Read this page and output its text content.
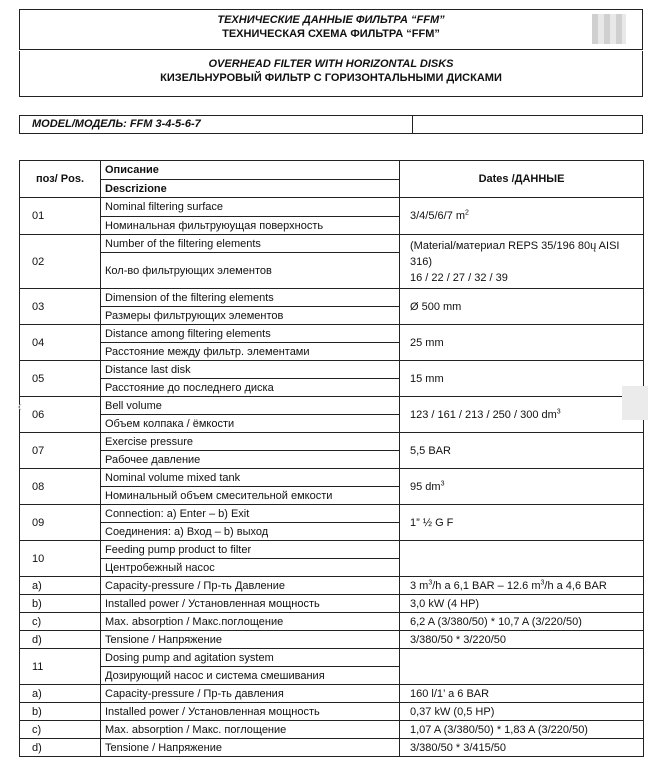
ТЕХНИЧЕСКИЕ ДАННЫЕ ФИЛЬТРА “FFM”
ТЕХНИЧЕСКАЯ СХЕМА ФИЛЬТРА “FFM”
OVERHEAD FILTER WITH HORIZONTAL DISKS
КИЗЕЛЬНУРОВЫЙ ФИЛЬТР С ГОРИЗОНТАЛЬНЫМИ ДИСКАМИ
MODEL/МОДЕЛЬ: FFM 3-4-5-6-7
поз/ Pos.	Описание	Dates /ДАННЫЕ
	Descrizione	
01	Nominal filtering surface	3/4/5/6/7 $m^2$
	Номинальная фильтруюущая поверхность	
02	Number of the filtering elements	(Material/материал REPS 35/196 80ų AISI 316)
16 / 22 / 27 / 32 / 39

	Кол-во фильтрующих элементов	
03	Dimension of the filtering elements	Ø 500 mm
	Размеры фильтрующих элементов	
04	Distance among filtering elements	25 mm
	Расстояние между фильтр. элементами	
05	Distance last disk	15 mm
	Расстояние до последнего диска	
06	Bell volume	123 / 161 / 213 / 250 / 300 $dm^3$
	Объем колпака / ёмкости	
07	Exercise pressure	5,5 BAR
	Рабочее давление	
08	Nominal volume mixed tank	95 $dm^3$
	Номинальный объем смесительной емкости	
09	Connection: a) Enter – b) Exit	1” ½ G F
	Соединения: a) Вход – b) выход	
10	Feeding pump product to filter	
	Центробежный насос	
a)	Capacity-pressure / Пр-ть Давление	3 $m^3/h$ a 6,1 BAR – 12.6 $m^3/h$ a 4,6 BAR
b)	Installed power / Установленная мощность	3,0 kW (4 HP)
c)	Max. absorption / Макс.поглощение	6,2 A (3/380/50) * 10,7 A (3/220/50)
d)	Tensione / Напряжение	3/380/50 * 3/220/50
11	Dosing pump and agitation system	
	Дозирующий насос и система смешивания	
a)	Capacity-pressure / Пр-ть давления	160 l/1’ a 6 BAR
b)	Installed power / Установленная мощность	0,37 kW (0,5 HP)
c)	Max. absorption / Макс. поглощение	1,07 A (3/380/50) * 1,83 A (3/220/50)
d)	Tensione / Напряжение	3/380/50 * 3/415/50
‹
